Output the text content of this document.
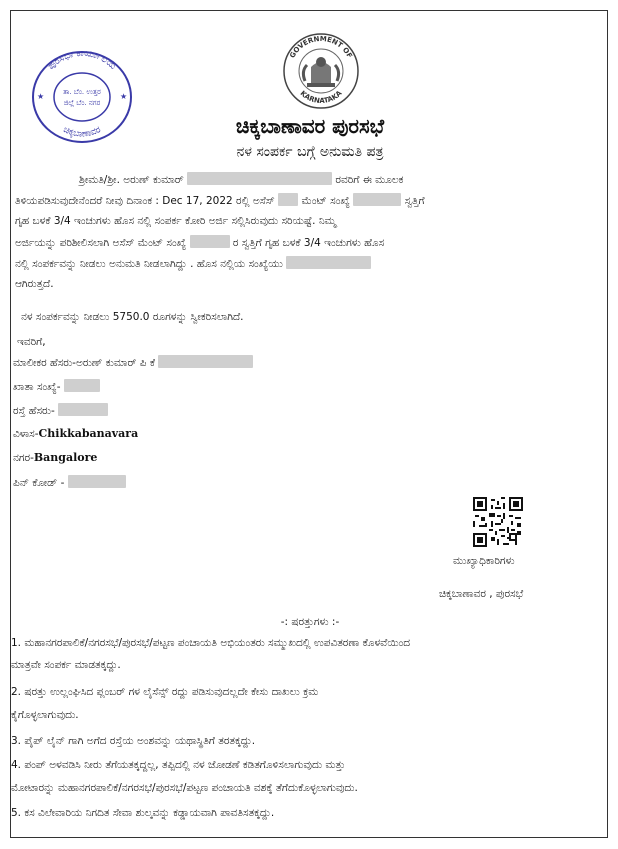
ಪುರಸಭಾ ಕಾರ್ಯಾಲಯ
ಚಿಕ್ಕಬಾಣಾವರ
ತಾ. ಬೆಂ. ಉತ್ತರ
ಜಿಲ್ಲೆ ಬೆಂ. ನಗರ
★	★
GOVERNMENT OF
KARNATAKA
ಚಿಕ್ಕಬಾಣಾವರ ಪುರಸಭೆ
ನಳ ಸಂಪರ್ಕ ಬಗ್ಗೆ ಅನುಮತಿ ಪತ್ರ
ಶ್ರೀಮತಿ/ಶ್ರೀ. ಅರುಣ್ ಕುಮಾರ್	ರವರಿಗೆ ಈ ಮೂಲಕ
ತಿಳಿಯಪಡಿಸುವುದೇನೆಂದರೆ ನೀವು ದಿನಾಂಕ : Dec 17, 2022 ರಲ್ಲಿ ಅಸೆಸ್	ಮೆಂಟ್ ಸಂಖ್ಯೆ	ಸ್ವತ್ತಿಗೆ
ಗೃಹ ಬಳಕೆ 3/4 ಇಂಚುಗಳು ಹೊಸ ನಲ್ಲಿ ಸಂಪರ್ಕ ಕೋರಿ ಅರ್ಜಿ ಸಲ್ಲಿಸಿರುವುದು ಸರಿಯಷ್ಟೆ. ನಿಮ್ಮ
ಅರ್ಜಿಯನ್ನು ಪರಿಶೀಲಿಸಲಾಗಿ ಅಸೆಸ್ ಮೆಂಟ್ ಸಂಖ್ಯೆ	ರ ಸ್ವತ್ತಿಗೆ ಗೃಹ ಬಳಕೆ 3/4 ಇಂಚುಗಳು ಹೊಸ
ನಲ್ಲಿ ಸಂಪರ್ಕವನ್ನು ನೀಡಲು ಅನುಮತಿ ನೀಡಲಾಗಿದ್ದು . ಹೊಸ ನಲ್ಲಿಯ ಸಂಖ್ಯೆಯು
ಆಗಿರುತ್ತದೆ.
ನಳ ಸಂಪರ್ಕವನ್ನು ನೀಡಲು 5750.0 ರೂಗಳನ್ನು ಸ್ವೀಕರಿಸಲಾಗಿದೆ.
ಇವರಿಗೆ,
ಮಾಲೀಕರ ಹೆಸರು-ಅರುಣ್ ಕುಮಾರ್ ಪಿ ಕೆ
ಖಾತಾ ಸಂಖ್ಯೆ-
ರಸ್ತೆ ಹೆಸರು-
ವಿಳಾಸ-Chikkabanavara
ನಗರ-Bangalore
ಪಿನ್ ಕೋಡ್ -
ಮುಖ್ಯಾಧಿಕಾರಿಗಳು
ಚಿಕ್ಕಬಾಣಾವರ , ಪುರಸಭೆ
-: ಷರತ್ತುಗಳು :-
1. ಮಹಾನಗರಪಾಲಿಕೆ/ನಗರಸಭೆ/ಪುರಸಭೆ/ಪಟ್ಟಣ ಪಂಚಾಯತಿ ಅಭಿಯಂತರು ಸಮ್ಮುಖದಲ್ಲಿ ಉಪವಿತರಣಾ ಕೊಳವೆಯಿಂದ
ಮಾತ್ರವೇ ಸಂಪರ್ಕ ಮಾಡತಕ್ಕದ್ದು.
2. ಷರತ್ತು ಉಲ್ಲಂಘಿಸಿದ ಪ್ಲಂಬರ್ ಗಳ ಲೈಸೆನ್ಸ್ ರದ್ದು ಪಡಿಸುವುದಲ್ಲದೇ ಕೇಸು ದಾಖಲು ಕ್ರಮ
ಕೈಗೊಳ್ಳಲಾಗುವುದು.
3. ಪೈಪ್ ಲೈನ್ ಗಾಗಿ ಅಗೆದ ರಸ್ತೆಯ ಅಂಶವನ್ನು ಯಥಾಸ್ಥಿತಿಗೆ ತರತಕ್ಕದ್ದು.
4. ಪಂಪ್ ಅಳವಡಿಸಿ ನೀರು ತೆಗೆಯತಕ್ಕದ್ದಲ್ಲ, ತಪ್ಪಿದಲ್ಲಿ ನಳ ಜೋಡಣೆ ಕಡಿತಗೊಳಿಸಲಾಗುವುದು ಮತ್ತು
ಮೋಟಾರನ್ನು ಮಹಾನಗರಪಾಲಿಕೆ/ನಗರಸಭೆ/ಪುರಸಭೆ/ಪಟ್ಟಣ ಪಂಚಾಯತಿ ವಶಕ್ಕೆ ತೆಗೆದುಕೊಳ್ಳಲಾಗುವುದು.
5. ಕಸ ವಿಲೇವಾರಿಯ ನಿಗದಿತ ಸೇವಾ ಶುಲ್ಕವನ್ನು ಕಡ್ಡಾಯವಾಗಿ ಪಾವತಿಸತಕ್ಕದ್ದು.
